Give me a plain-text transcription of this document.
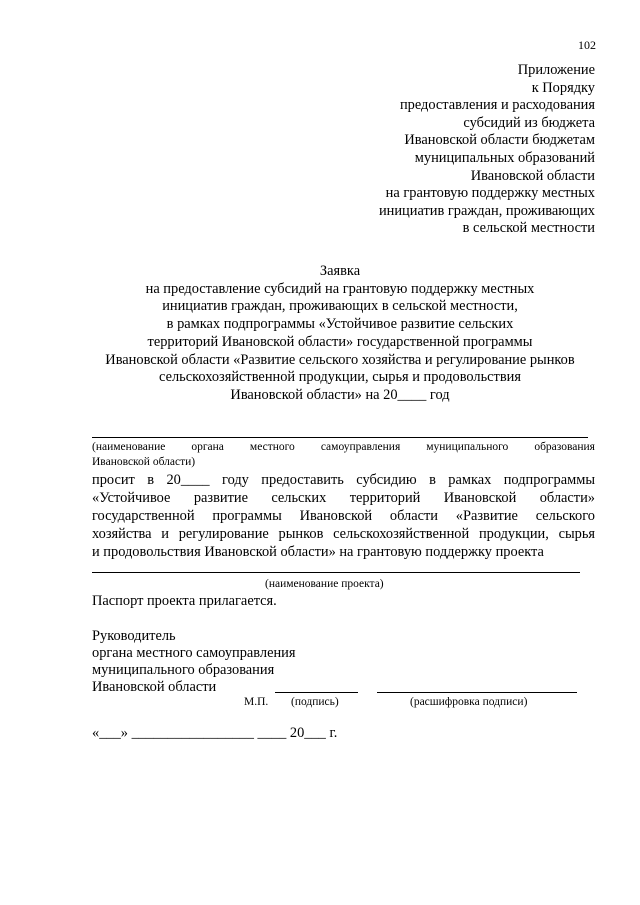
102
Приложение
к Порядку
предоставления и расходования
субсидий из бюджета
Ивановской области бюджетам
муниципальных образований
Ивановской области
на грантовую поддержку местных
инициатив граждан, проживающих
в сельской местности
Заявка
на предоставление субсидий на грантовую поддержку местных
инициатив граждан, проживающих в сельской местности,
в рамках подпрограммы «Устойчивое развитие сельских
территорий Ивановской области» государственной программы
Ивановской области «Развитие сельского хозяйства и регулирование рынков
сельскохозяйственной продукции, сырья и продовольствия
Ивановской области» на 20____ год
(наименование органа местного самоуправления муниципального образования
Ивановской области)
просит в 20____ году предоставить субсидию в рамках подпрограммы
«Устойчивое развитие сельских территорий Ивановской области»
государственной программы Ивановской области «Развитие сельского
хозяйства и регулирование рынков сельскохозяйственной продукции, сырья
и продовольствия Ивановской области» на грантовую поддержку проекта
(наименование проекта)
Паспорт проекта прилагается.
Руководитель
органа местного самоуправления
муниципального образования
Ивановской области
М.П. (подпись)	(расшифровка подписи)
«___» _________________ ____ 20___ г.
